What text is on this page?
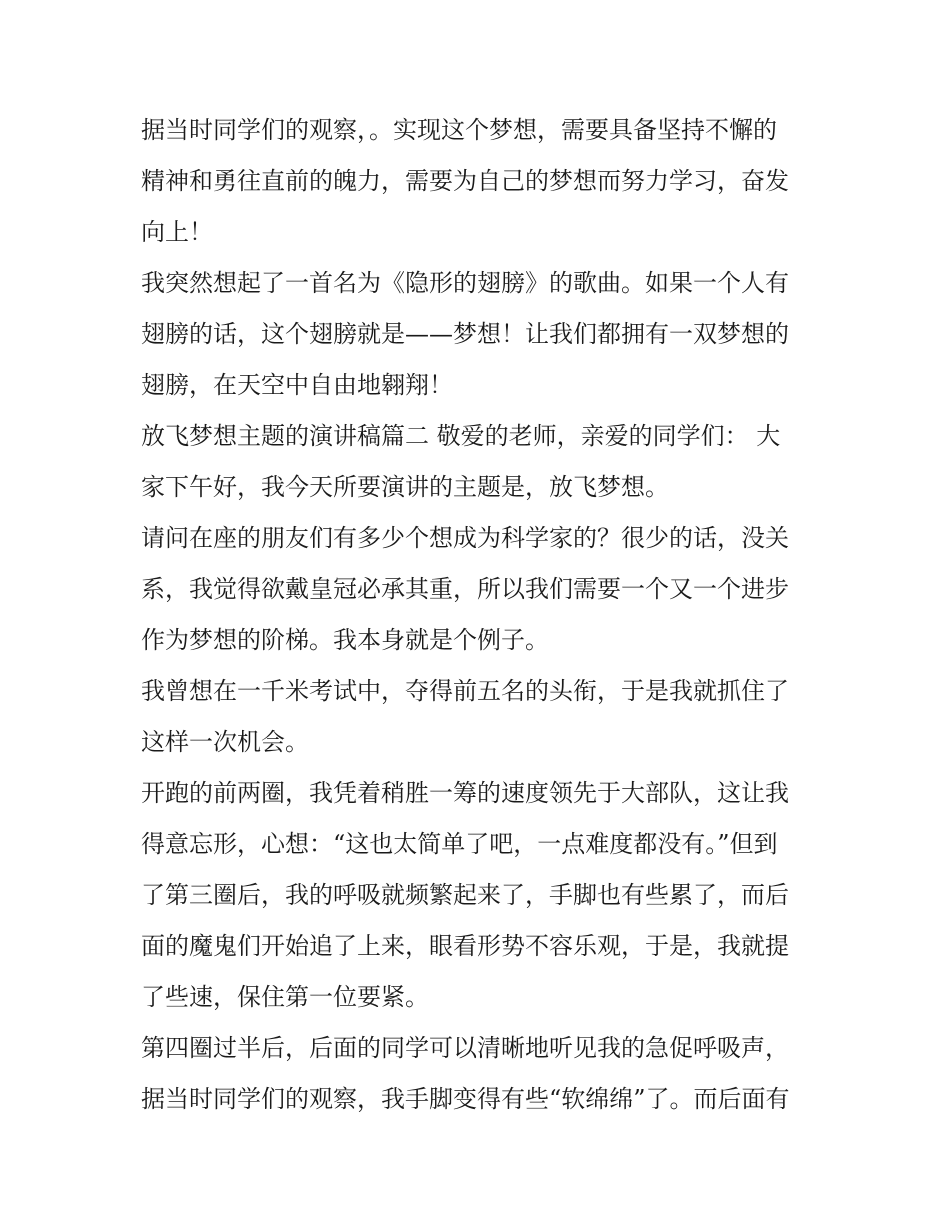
据当时同学们的观察，。实现这个梦想，需要具备坚持不懈的
精神和勇往直前的魄力，需要为自己的梦想而努力学习，奋发
向上！
我突然想起了一首名为《隐形的翅膀》的歌曲。如果一个人有
翅膀的话，这个翅膀就是——梦想！让我们都拥有一双梦想的
翅膀，在天空中自由地翱翔！
放飞梦想主题的演讲稿篇二 敬爱的老师，亲爱的同学们： 大
家下午好，我今天所要演讲的主题是，放飞梦想。
请问在座的朋友们有多少个想成为科学家的？很少的话，没关
系，我觉得欲戴皇冠必承其重，所以我们需要一个又一个进步
作为梦想的阶梯。我本身就是个例子。
我曾想在一千米考试中，夺得前五名的头衔，于是我就抓住了
这样一次机会。
开跑的前两圈，我凭着稍胜一筹的速度领先于大部队，这让我
得意忘形，心想：“这也太简单了吧，一点难度都没有。”但到
了第三圈后，我的呼吸就频繁起来了，手脚也有些累了，而后
面的魔鬼们开始追了上来，眼看形势不容乐观，于是，我就提
了些速，保住第一位要紧。
第四圈过半后，后面的同学可以清晰地听见我的急促呼吸声，
据当时同学们的观察，我手脚变得有些“软绵绵”了。而后面有
